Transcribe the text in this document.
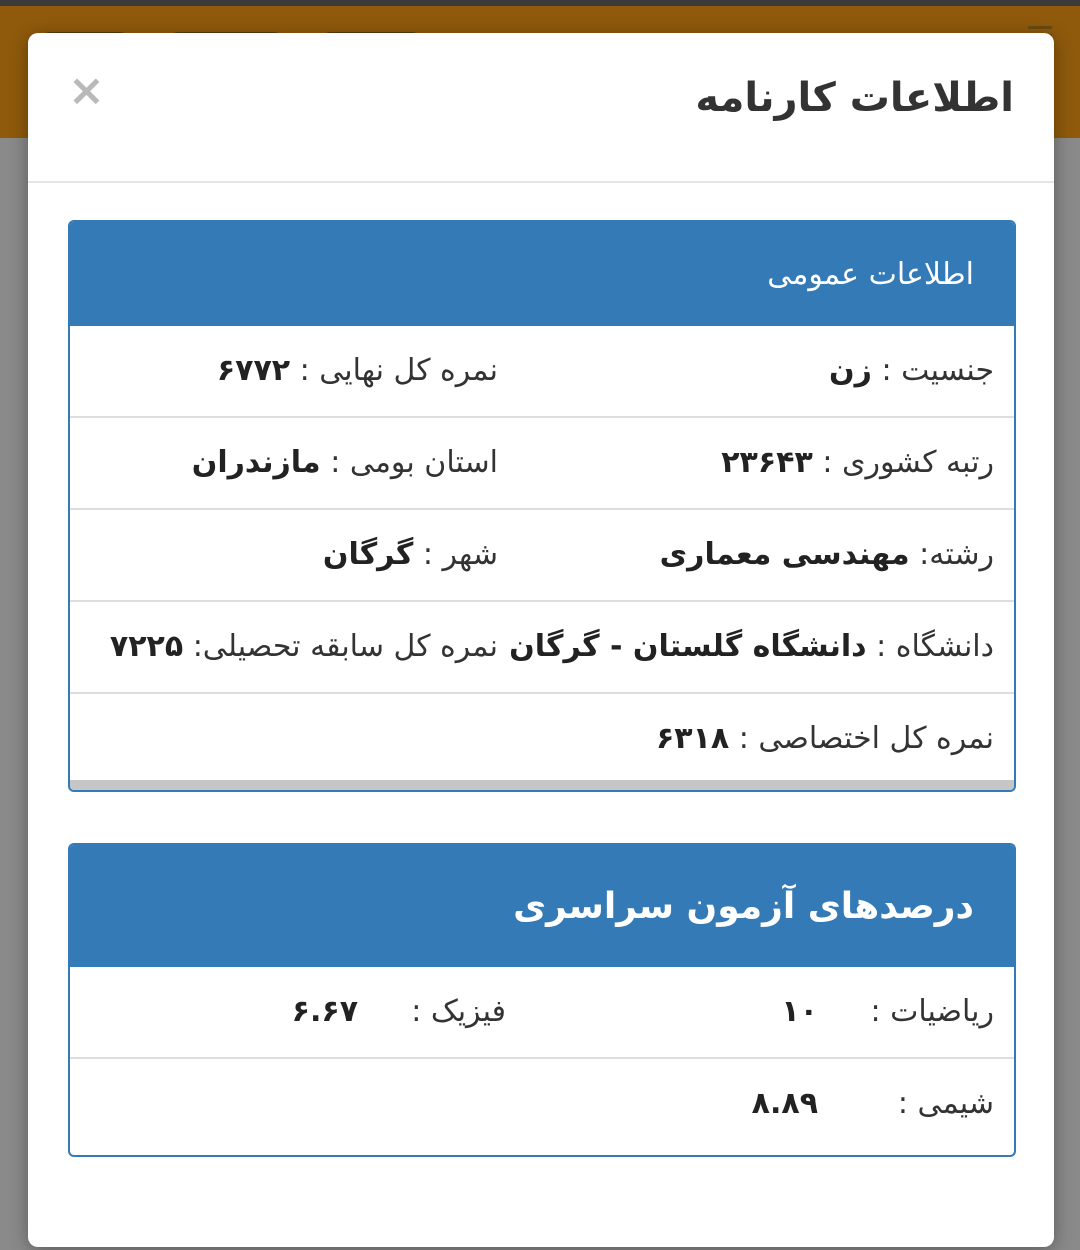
اطلاعات کارنامه
×
اطلاعات عمومی
جنسیت : زن
نمره کل نهایی : ۶۷۷۲
رتبه کشوری : ۲۳۶۴۳
استان بومی : مازندران
رشته: مهندسی معماری
شهر : گرگان
دانشگاه : دانشگاه گلستان - گرگان
نمره کل سابقه تحصیلی: ۷۲۲۵
نمره کل اختصاصی : ۶۳۱۸
درصدهای آزمون سراسری
ریاضیات :
۱۰
فیزیک :
۶.۶۷
شیمی :
۸.۸۹
